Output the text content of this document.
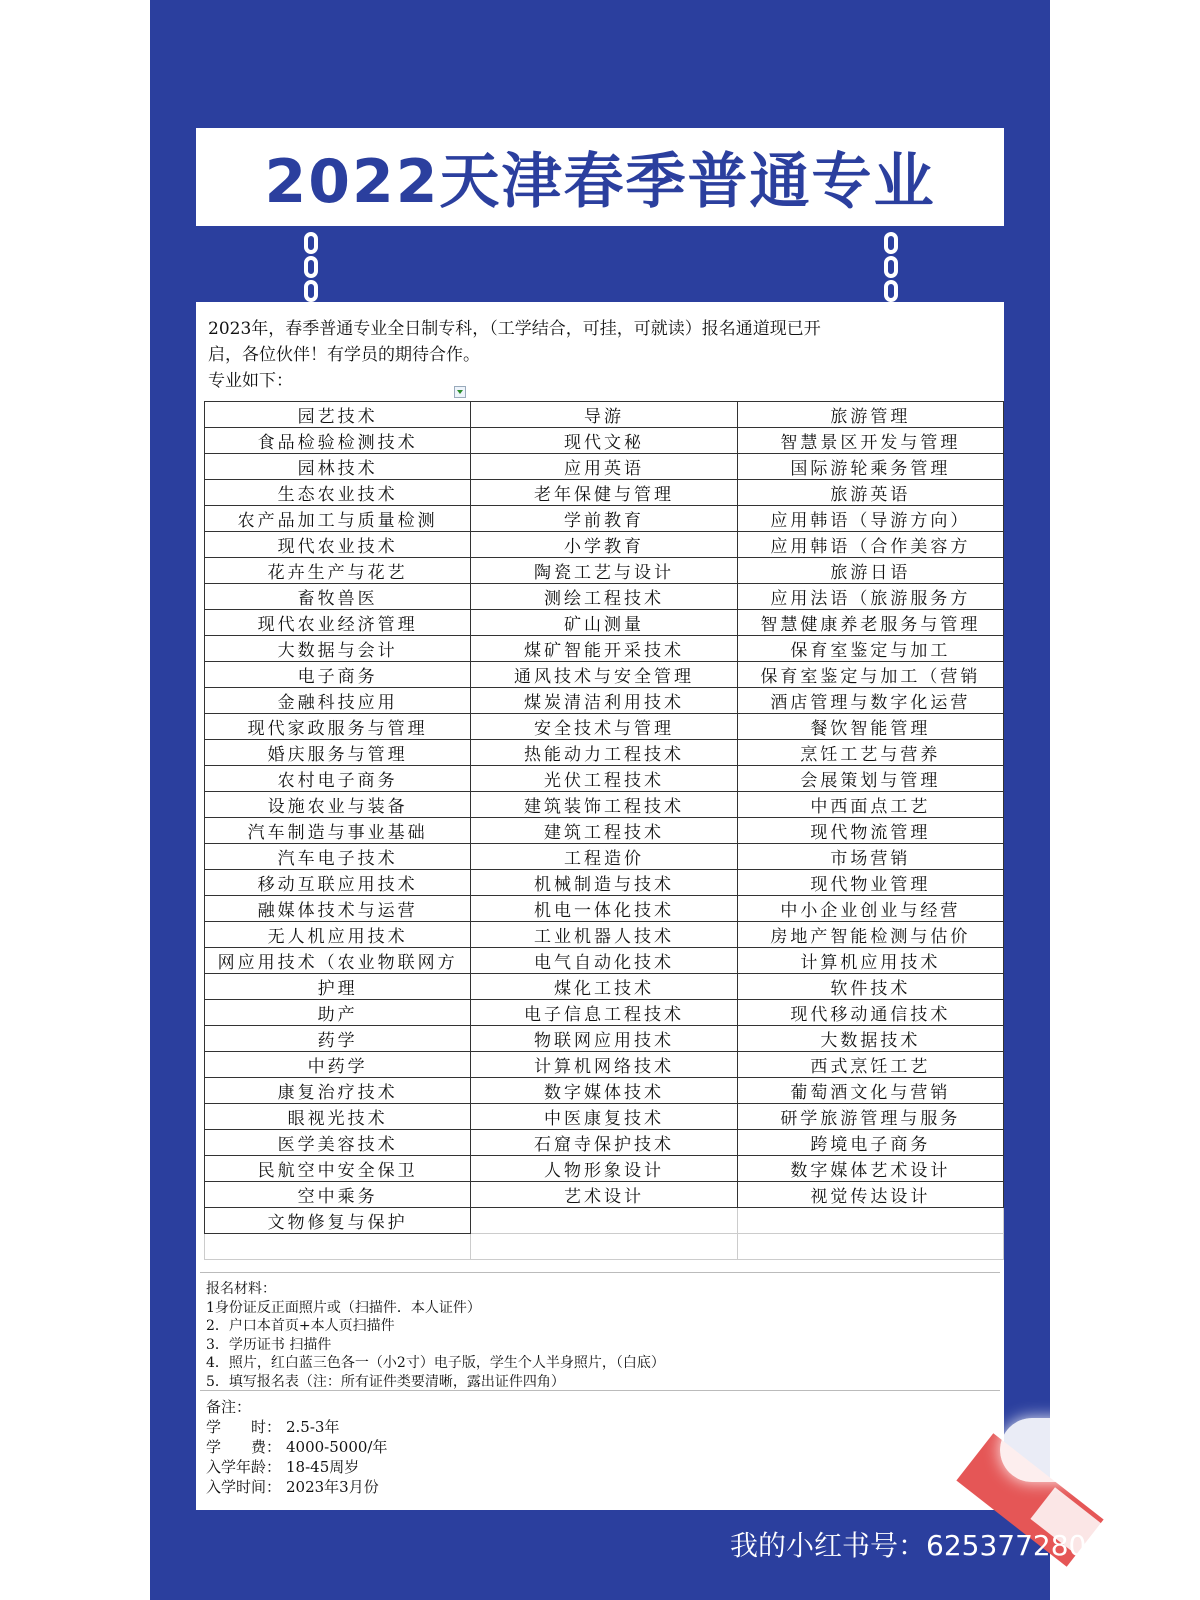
2022天津春季普通专业
2023年，春季普通专业全日制专科，（工学结合，可挂，可就读）报名通道现已开
启，各位伙伴！有学员的期待合作。
专业如下：
园艺技术	导游	旅游管理
食品检验检测技术	现代文秘	智慧景区开发与管理
园林技术	应用英语	国际游轮乘务管理
生态农业技术	老年保健与管理	旅游英语
农产品加工与质量检测	学前教育	应用韩语（导游方向）
现代农业技术	小学教育	应用韩语（合作美容方
花卉生产与花艺	陶瓷工艺与设计	旅游日语
畜牧兽医	测绘工程技术	应用法语（旅游服务方
现代农业经济管理	矿山测量	智慧健康养老服务与管理
大数据与会计	煤矿智能开采技术	保育室鉴定与加工
电子商务	通风技术与安全管理	保育室鉴定与加工（营销
金融科技应用	煤炭清洁利用技术	酒店管理与数字化运营
现代家政服务与管理	安全技术与管理	餐饮智能管理
婚庆服务与管理	热能动力工程技术	烹饪工艺与营养
农村电子商务	光伏工程技术	会展策划与管理
设施农业与装备	建筑装饰工程技术	中西面点工艺
汽车制造与事业基础	建筑工程技术	现代物流管理
汽车电子技术	工程造价	市场营销
移动互联应用技术	机械制造与技术	现代物业管理
融媒体技术与运营	机电一体化技术	中小企业创业与经营
无人机应用技术	工业机器人技术	房地产智能检测与估价
网应用技术（农业物联网方	电气自动化技术	计算机应用技术
护理	煤化工技术	软件技术
助产	电子信息工程技术	现代移动通信技术
药学	物联网应用技术	大数据技术
中药学	计算机网络技术	西式烹饪工艺
康复治疗技术	数字媒体技术	葡萄酒文化与营销
眼视光技术	中医康复技术	研学旅游管理与服务
医学美容技术	石窟寺保护技术	跨境电子商务
民航空中安全保卫	人物形象设计	数字媒体艺术设计
空中乘务	艺术设计	视觉传达设计
文物修复与保护		

报名材料：
1身份证反正面照片或（扫描件．本人证件）
2．户口本首页+本人页扫描件
3．学历证书 扫描件
4．照片，红白蓝三色各一（小2寸）电子版，学生个人半身照片，（白底）
5．填写报名表（注：所有证件类要清晰，露出证件四角）
备注：
学　　时： 2.5-3年
学　　费： 4000-5000/年
入学年龄： 18-45周岁
入学时间： 2023年3月份
我的小红书号：6253772800
